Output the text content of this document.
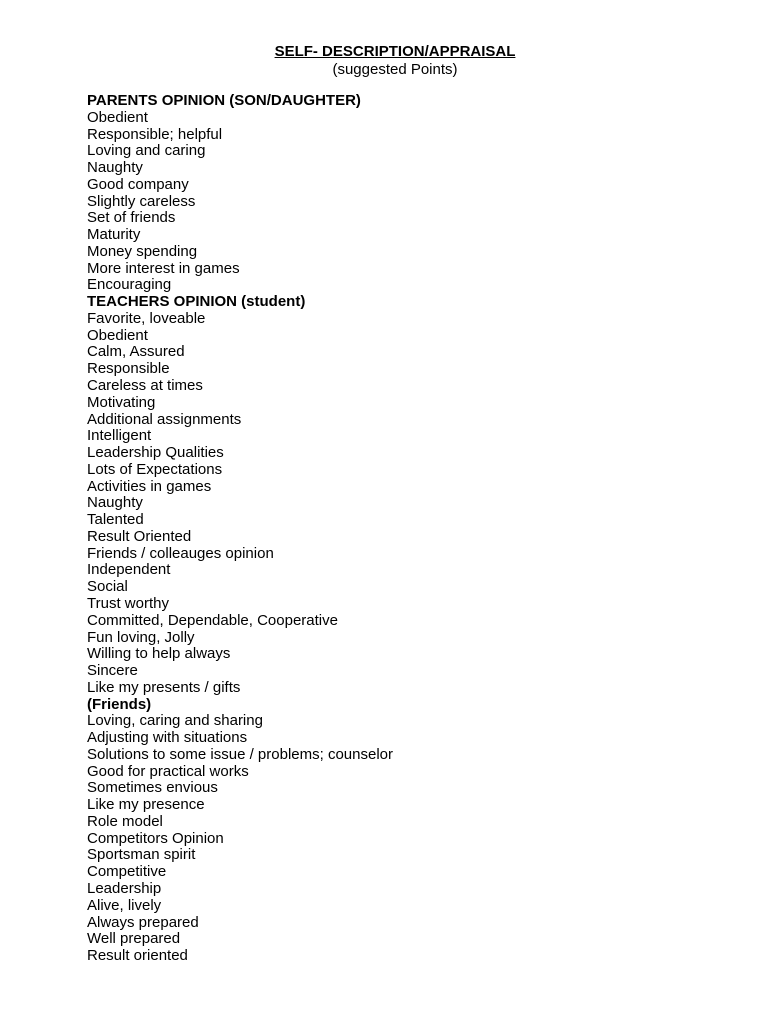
SELF- DESCRIPTION/APPRAISAL
(suggested Points)
PARENTS OPINION (SON/DAUGHTER)
Obedient
Responsible; helpful
Loving and caring
Naughty
Good company
Slightly careless
Set of friends
Maturity
Money spending
More interest in games
Encouraging
TEACHERS OPINION (student)
Favorite, loveable
Obedient
Calm, Assured
Responsible
Careless at times
Motivating
Additional assignments
Intelligent
Leadership Qualities
Lots of Expectations
Activities in games
Naughty
Talented
Result Oriented
Friends / colleauges opinion
Independent
Social
Trust worthy
Committed, Dependable, Cooperative
Fun loving, Jolly
Willing to help always
Sincere
Like my presents / gifts
(Friends)
Loving, caring and sharing
Adjusting with situations
Solutions to some issue / problems; counselor
Good for practical works
Sometimes envious
Like my presence
Role model
Competitors Opinion
Sportsman spirit
Competitive
Leadership
Alive, lively
Always prepared
Well prepared
Result oriented
